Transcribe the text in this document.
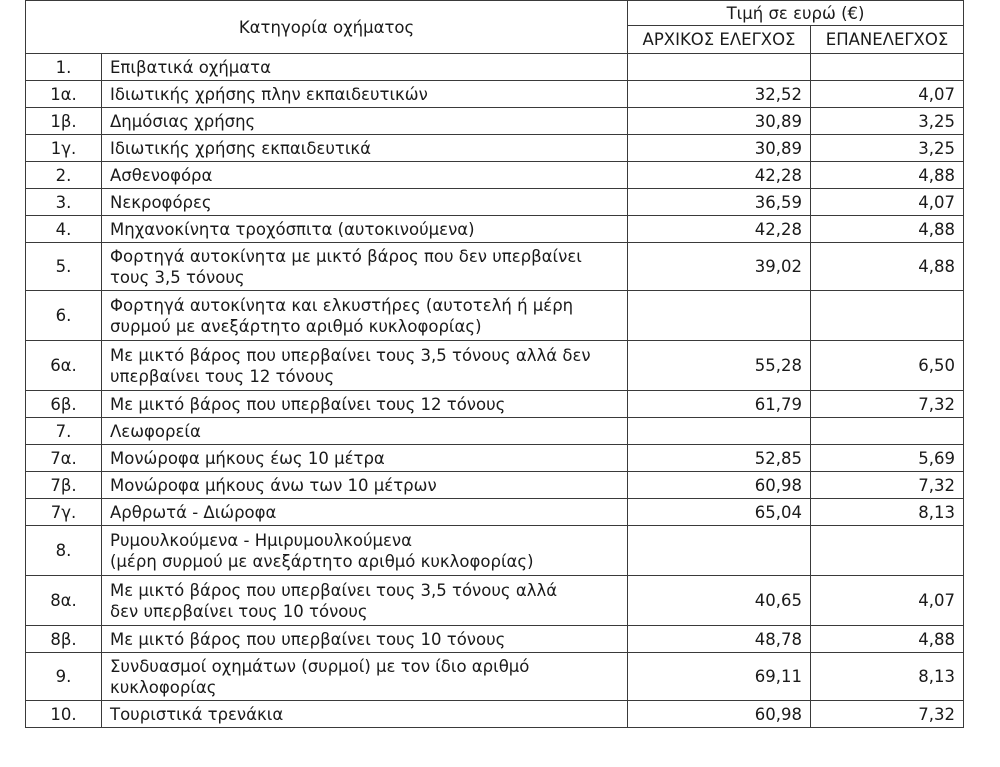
Κατηγορία οχήματος		Τιμή σε ευρώ (€)	
		ΑΡΧΙΚΟΣ ΕΛΕΓΧΟΣ	ΕΠΑΝΕΛΕΓΧΟΣ
1.	Επιβατικά οχήματα		
1α.	Ιδιωτικής χρήσης πλην εκπαιδευτικών	32,52	4,07
1β.	Δημόσιας χρήσης	30,89	3,25
1γ.	Ιδιωτικής χρήσης εκπαιδευτικά	30,89	3,25
2.	Ασθενοφόρα	42,28	4,88
3.	Νεκροφόρες	36,59	4,07
4.	Μηχανοκίνητα τροχόσπιτα (αυτοκινούμενα)	42,28	4,88
5.	Φορτηγά αυτοκίνητα με μικτό βάρος που δεν υπερβαίνει
τους 3,5 τόνους	39,02	4,88
6.	Φορτηγά αυτοκίνητα και ελκυστήρες (αυτοτελή ή μέρη
συρμού με ανεξάρτητο αριθμό κυκλοφορίας)		

6α.	Με μικτό βάρος που υπερβαίνει τους 3,5 τόνους αλλά δεν
υπερβαίνει τους 12 τόνους	55,28	6,50
6β.	Με μικτό βάρος που υπερβαίνει τους 12 τόνους	61,79	7,32
7.	Λεωφορεία		
7α.	Μονώροφα μήκους έως 10 μέτρα	52,85	5,69
7β.	Μονώροφα μήκους άνω των 10 μέτρων	60,98	7,32
7γ.	Αρθρωτά - Διώροφα	65,04	8,13
8.	Ρυμουλκούμενα - Ημιρυμουλκούμενα
(μέρη συρμού με ανεξάρτητο αριθμό κυκλοφορίας)		

8α.	Με μικτό βάρος που υπερβαίνει τους 3,5 τόνους αλλά
δεν υπερβαίνει τους 10 τόνους	40,65	4,07
8β.	Με μικτό βάρος που υπερβαίνει τους 10 τόνους	48,78	4,88
9.	Συνδυασμοί οχημάτων (συρμοί) με τον ίδιο αριθμό
κυκλοφορίας	69,11	8,13
10.	Τουριστικά τρενάκια	60,98	7,32
